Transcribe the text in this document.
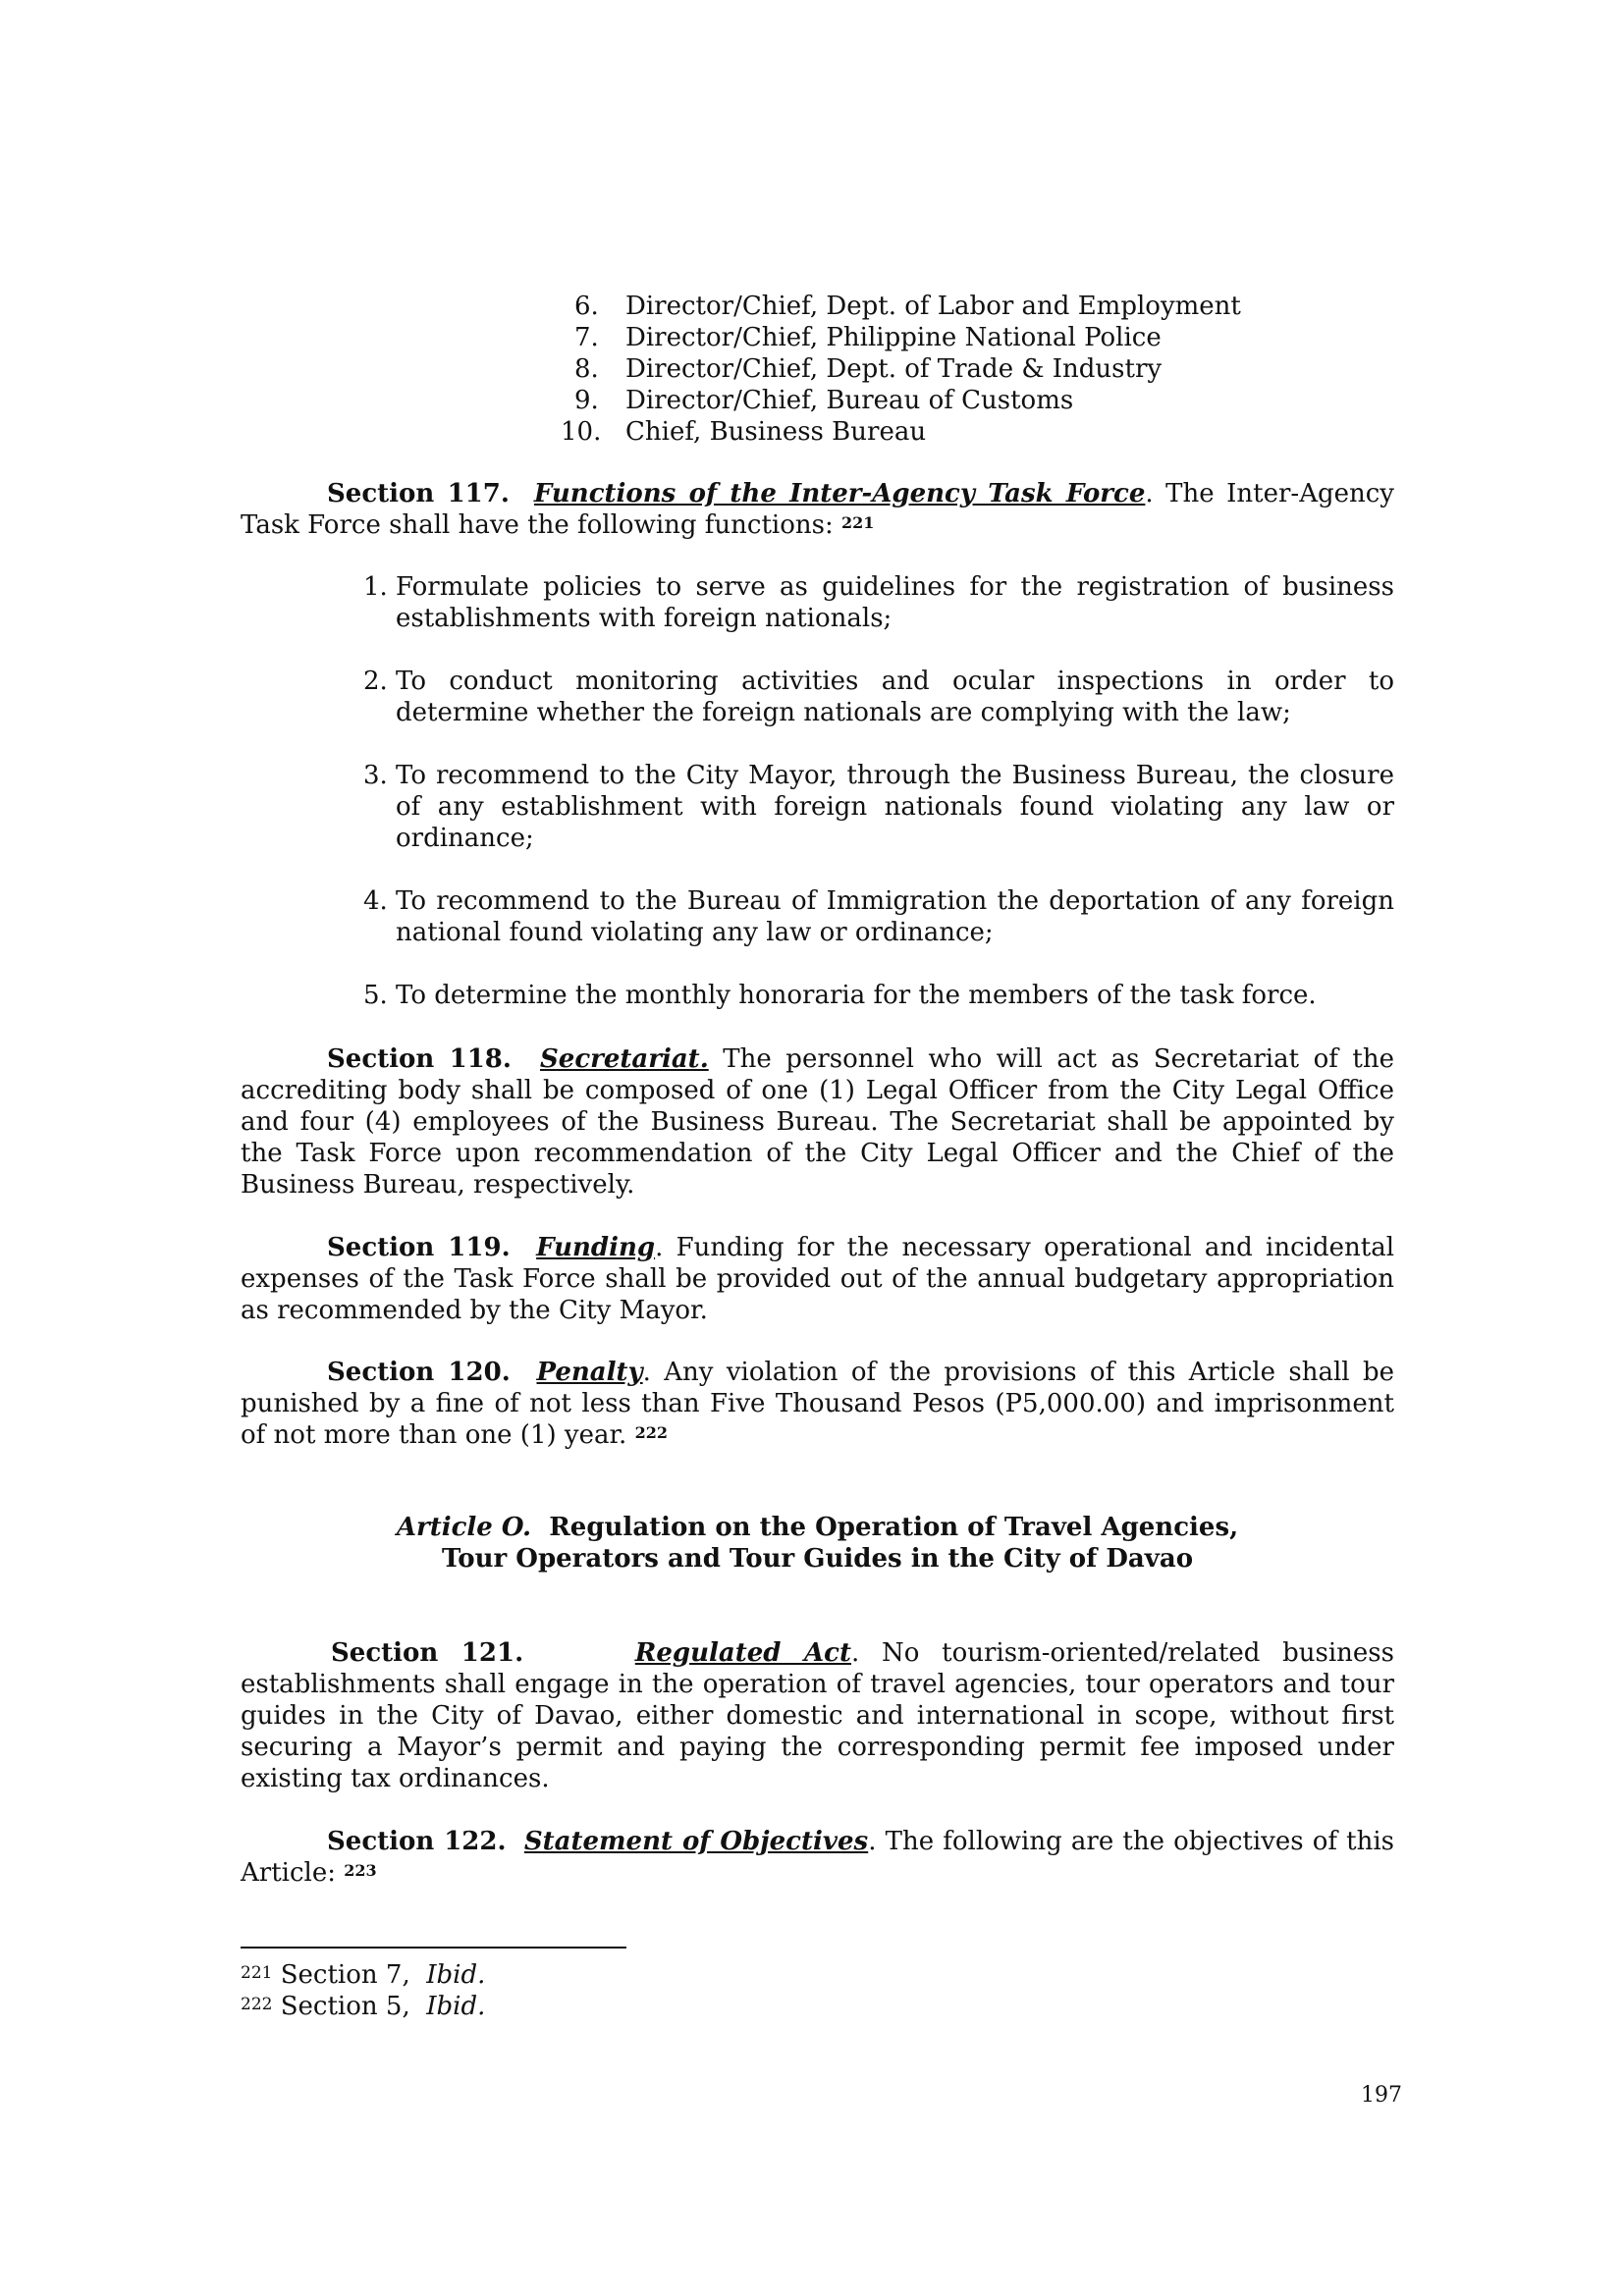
6. Director/Chief, Dept. of Labor and Employment
7. Director/Chief, Philippine National Police
8. Director/Chief, Dept. of Trade & Industry
9. Director/Chief, Bureau of Customs
10. Chief, Business Bureau

Section 117. Functions of the Inter-Agency Task Force. The Inter-Agency Task Force shall have the following functions: $^{221}$

1. Formulate policies to serve as guidelines for the registration of business establishments with foreign nationals;
2. To conduct monitoring activities and ocular inspections in order to determine whether the foreign nationals are complying with the law;
3. To recommend to the City Mayor, through the Business Bureau, the closure of any establishment with foreign nationals found violating any law or ordinance;
4. To recommend to the Bureau of Immigration the deportation of any foreign national found violating any law or ordinance;
5. To determine the monthly honoraria for the members of the task force.

Section 118. Secretariat. The personnel who will act as Secretariat of the accrediting body shall be composed of one (1) Legal Officer from the City Legal Office and four (4) employees of the Business Bureau. The Secretariat shall be appointed by the Task Force upon recommendation of the City Legal Officer and the Chief of the Business Bureau, respectively.

Section 119. Funding. Funding for the necessary operational and incidental expenses of the Task Force shall be provided out of the annual budgetary appropriation as recommended by the City Mayor.

Section 120. Penalty. Any violation of the provisions of this Article shall be punished by a fine of not less than Five Thousand Pesos (P5,000.00) and imprisonment of not more than one (1) year. $^{222}$

Article O. Regulation on the Operation of Travel Agencies,
Tour Operators and Tour Guides in the City of Davao

Section 121.	Regulated Act. No tourism-oriented/related business establishments shall engage in the operation of travel agencies, tour operators and tour guides in the City of Davao, either domestic and international in scope, without first securing a Mayor’s permit and paying the corresponding permit fee imposed under existing tax ordinances.

Section 122. Statement of Objectives. The following are the objectives of this Article: $^{223}$

$^{221}$ Section 7,  Ibid.
$^{222}$ Section 5,  Ibid.
197
